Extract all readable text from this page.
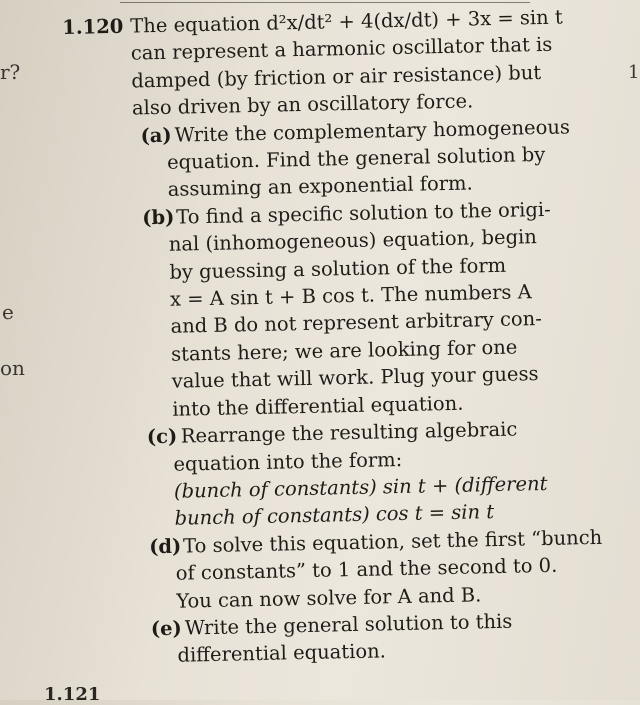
r?
e
on
1
1.120 The equation d²x/dt² + 4(dx/dt) + 3x = sin t
can represent a harmonic oscillator that is
damped (by friction or air resistance) but
also driven by an oscillatory force.
(a) Write the complementary homogeneous
equation. Find the general solution by
assuming an exponential form.
(b)To find a specific solution to the origi-
nal (inhomogeneous) equation, begin
by guessing a solution of the form
x = A sin t + B cos t. The numbers A
and B do not represent arbitrary con-
stants here; we are looking for one
value that will work. Plug your guess
into the differential equation.
(c) Rearrange the resulting algebraic
equation into the form:
(bunch of constants) sin t + (different
bunch of constants) cos t = sin t
(d)To solve this equation, set the first “bunch
of constants” to 1 and the second to 0.
You can now solve for A and B.
(e) Write the general solution to this
differential equation.
1.121
